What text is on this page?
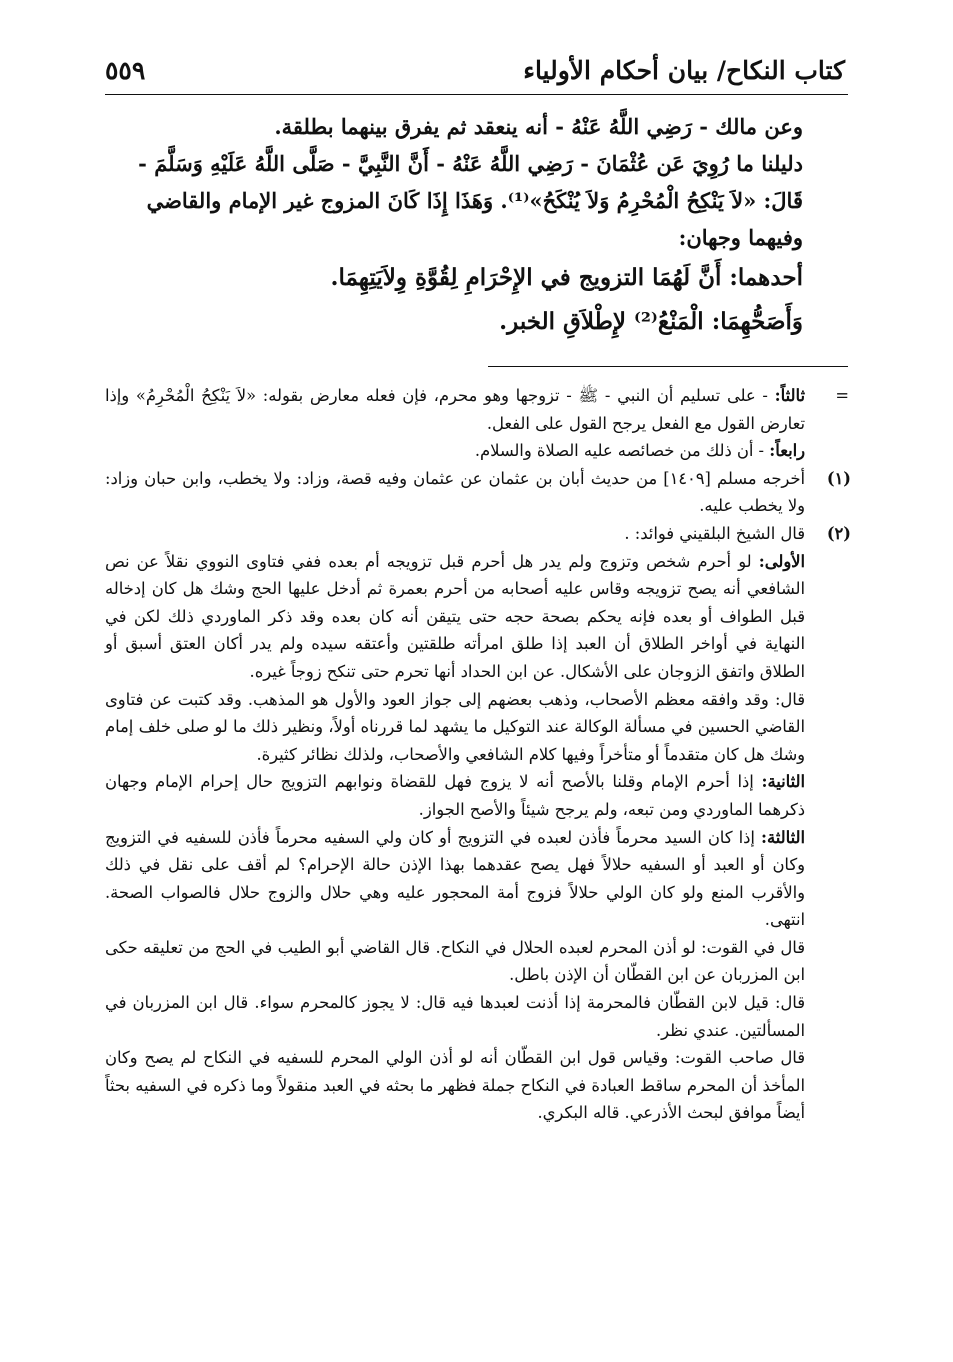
كتاب النكاح/ بيان أحكام الأولياء
٥٥٩

وعن مالك - رَضِي اللَّهُ عَنْهُ - أنه ينعقد ثم يفرق بينهما بطلقة.

دليلنا ما رُوِيَ عَن عُثْمَانَ - رَضِي اللَّهُ عَنْهُ - أَنَّ النَّبِيَّ - صَلَّى اللَّهُ عَلَيْهِ وَسَلَّمَ - قَالَ: «لاَ يَنْكِحُ الْمُحْرِمُ وَلاَ يُنْكَحُ»⁽¹⁾. وَهَذَا إِذَا كَانَ المزوج غير الإمام والقاضي وفيهما وجهان:

أحدهما: أَنَّ لَهُمَا التزويج في الإِحْرَامِ لِقُوَّةِ وِلاَيَتِهِمَا.

وَأَصَحُّهِمَا: الْمَنْعُ⁽²⁾ لإِطْلاَقِ الخبر.

=

ثالثاً: - على تسليم أن النبي - ﷺ - تزوجها وهو محرم، فإن فعله معارض بقوله: «لاَ يَنْكِحُ الْمُحْرِمُ» وإذا تعارض القول مع الفعل يرجح القول على الفعل.

رابعاً: - أن ذلك من خصائصه عليه الصلاة والسلام.

(١)

أخرجه مسلم [١٤٠٩] من حديث أبان بن عثمان عن عثمان وفيه قصة، وزاد: ولا يخطب، وابن حبان وزاد: ولا يخطب عليه.

(٢)

قال الشيخ البلقيني فوائد: .

الأولى: لو أحرم شخص وتزوج ولم يدر هل أحرم قبل تزويجه أم بعده ففي فتاوى النووي نقلاً عن نص الشافعي أنه يصح تزويجه وقاس عليه أصحابه من أحرم بعمرة ثم أدخل عليها الحج وشك هل كان إدخاله قبل الطواف أو بعده فإنه يحكم بصحة حجه حتى يتيقن أنه كان بعده وقد ذكر الماوردي ذلك لكن في النهاية في أواخر الطلاق أن العبد إذا طلق امرأته طلقتين وأعتقه سيده ولم يدر أكان العتق أسبق أو الطلاق واتفق الزوجان على الأشكال. عن ابن الحداد أنها تحرم حتى تنكح زوجاً غيره.

قال: وقد وافقه معظم الأصحاب، وذهب بعضهم إلى جواز العود والأول هو المذهب. وقد كتبت عن فتاوى القاضي الحسين في مسألة الوكالة عند التوكيل ما يشهد لما قررناه أولاً، ونظير ذلك ما لو صلى خلف إمام وشك هل كان متقدماً أو متأخراً وفيها كلام الشافعي والأصحاب، ولذلك نظائر كثيرة.

الثانية: إذا أحرم الإمام وقلنا بالأصح أنه لا يزوج فهل للقضاة ونوابهم التزويج حال إحرام الإمام وجهان ذكرهما الماوردي ومن تبعه، ولم يرجح شيئاً والأصح الجواز.

الثالثة: إذا كان السيد محرماً فأذن لعبده في التزويج أو كان ولي السفيه محرماً فأذن للسفيه في التزويج وكان أو العبد أو السفيه حلالاً فهل يصح عقدهما بهذا الإذن حالة الإحرام؟ لم أقف على نقل في ذلك والأقرب المنع ولو كان الولي حلالاً فزوج أمة المحجور عليه وهي حلال والزوج حلال فالصواب الصحة. انتهى.

قال في القوت: لو أذن المحرم لعبده الحلال في النكاح. قال القاضي أبو الطيب في الحج من تعليقه حكى ابن المزربان عن ابن القطّان أن الإذن باطل.

قال: قيل لابن القطّان فالمحرمة إذا أذنت لعبدها فيه قال: لا يجوز كالمحرم سواء. قال ابن المزربان في المسألتين. عندي نظر.

قال صاحب القوت: وقياس قول ابن القطّان أنه لو أذن الولي المحرم للسفيه في النكاح لم يصح وكان المأخذ أن المحرم ساقط العبادة في النكاح جملة فظهر ما بحثه في العبد منقولاً وما ذكره في السفيه بحثاً أيضاً موافق لبحث الأذرعي. قاله البكري.
